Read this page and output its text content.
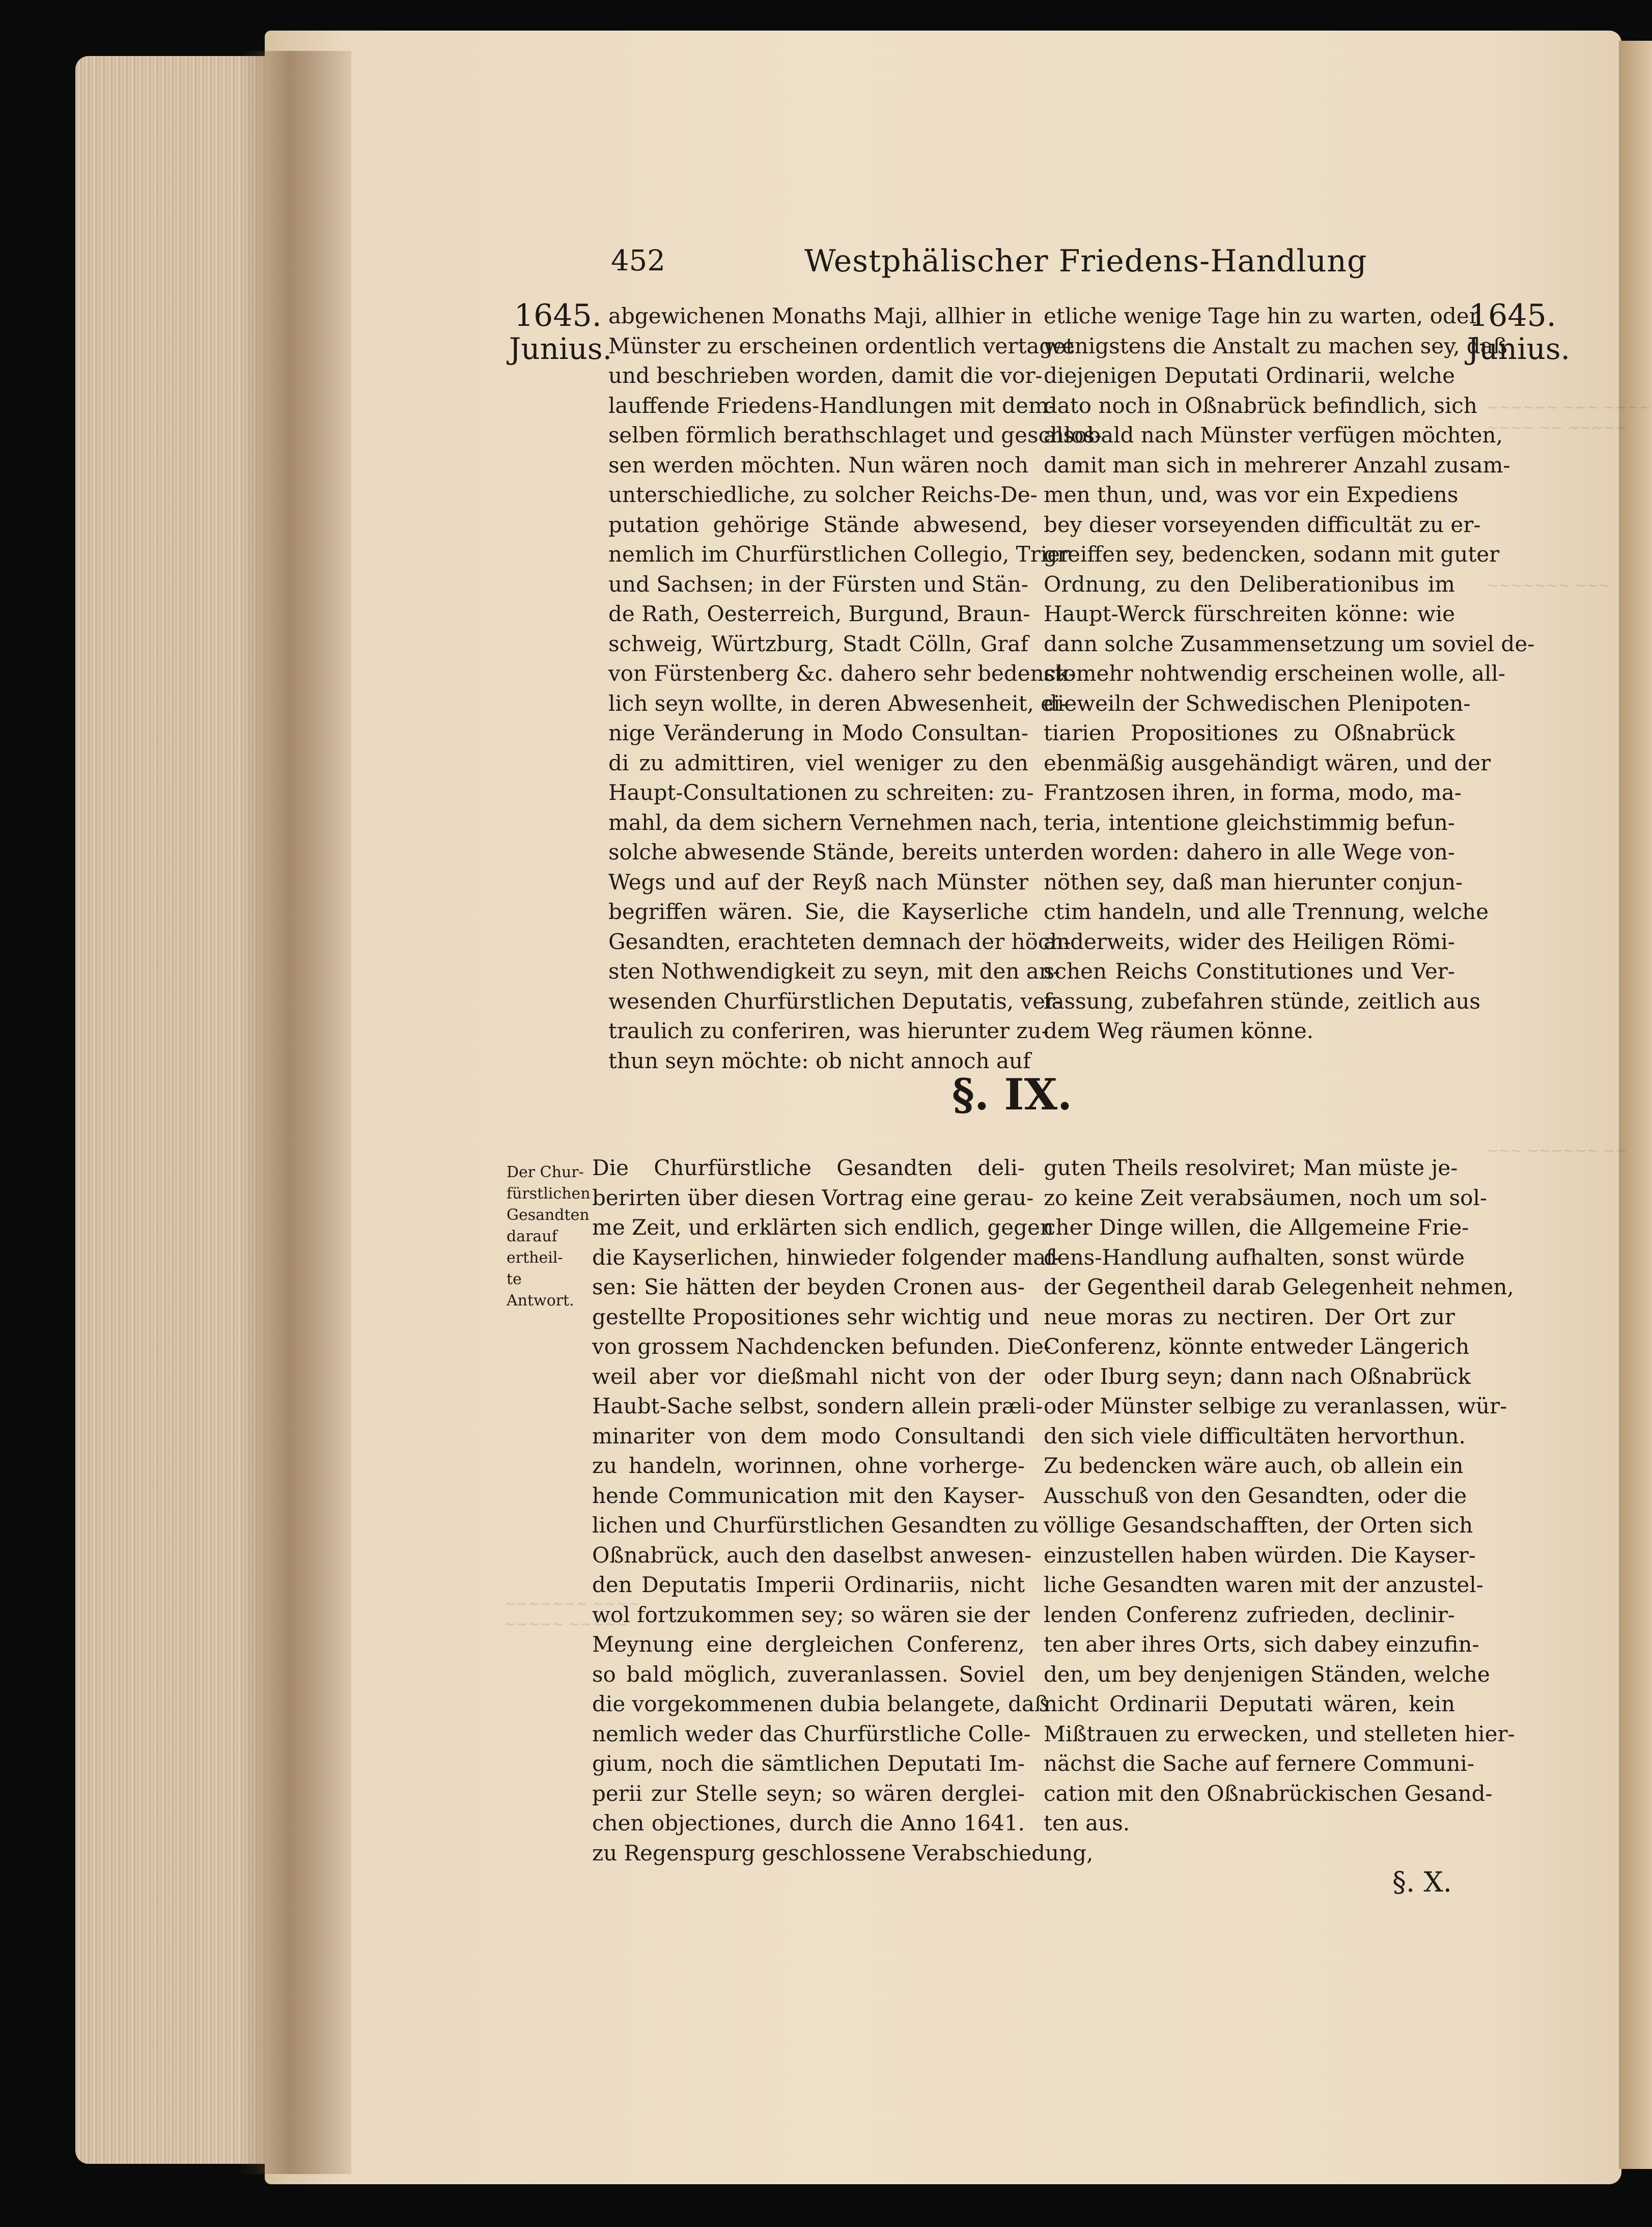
~~~~~~ ~~~ ~~~~
~~~~ ~~ ~~~~~
~~~~~~~ ~~~
~~~ ~~~~~~ ~~
~~~~~~~ ~~~~
~~~~~ ~~~~~
452	Westphälischer Friedens-Handlung
1645.
Junius.
1645.
Junius.
abgewichenen Monaths Maji, allhier in
Münster zu erscheinen ordentlich vertaget
und beschrieben worden, damit die vor-
lauffende Friedens-Handlungen mit dem-
selben förmlich berathschlaget und geschlos-
sen werden möchten. Nun wären noch
unterschiedliche, zu solcher Reichs-De-
putation gehörige Stände abwesend,
nemlich im Churfürstlichen Collegio, Trier
und Sachsen; in der Fürsten und Stän-
de Rath, Oesterreich, Burgund, Braun-
schweig, Würtzburg, Stadt Cölln, Graf
von Fürstenberg &c. dahero sehr bedenck-
lich seyn wollte, in deren Abwesenheit, ei-
nige Veränderung in Modo Consultan-
di zu admittiren, viel weniger zu den
Haupt-Consultationen zu schreiten: zu-
mahl, da dem sichern Vernehmen nach,
solche abwesende Stände, bereits unter
Wegs und auf der Reyß nach Münster
begriffen wären. Sie, die Kayserliche
Gesandten, erachteten demnach der höch-
sten Nothwendigkeit zu seyn, mit den an-
wesenden Churfürstlichen Deputatis, ver-
traulich zu conferiren, was hierunter zu-
thun seyn möchte: ob nicht annoch auf
etliche wenige Tage hin zu warten, oder
wenigstens die Anstalt zu machen sey, daß
diejenigen Deputati Ordinarii, welche
dato noch in Oßnabrück befindlich, sich
alsobald nach Münster verfügen möchten,
damit man sich in mehrerer Anzahl zusam-
men thun, und, was vor ein Expediens
bey dieser vorseyenden difficultät zu er-
greiffen sey, bedencken, sodann mit guter
Ordnung, zu den Deliberationibus im
Haupt-Werck fürschreiten könne: wie
dann solche Zusammensetzung um soviel de-
stomehr nohtwendig erscheinen wolle, all-
dieweiln der Schwedischen Plenipoten-
tiarien Propositiones zu Oßnabrück
ebenmäßig ausgehändigt wären, und der
Frantzosen ihren, in forma, modo, ma-
teria, intentione gleichstimmig befun-
den worden: dahero in alle Wege von-
nöthen sey, daß man hierunter conjun-
ctim handeln, und alle Trennung, welche
anderweits, wider des Heiligen Römi-
schen Reichs Constitutiones und Ver-
fassung, zubefahren stünde, zeitlich aus
dem Weg räumen könne.
§. IX.
Der Chur-
fürstlichen
Gesandten
darauf ertheil-
te Antwort.
Die Churfürstliche Gesandten deli-
berirten über diesen Vortrag eine gerau-
me Zeit, und erklärten sich endlich, gegen
die Kayserlichen, hinwieder folgender maf-
sen: Sie hätten der beyden Cronen aus-
gestellte Propositiones sehr wichtig und
von grossem Nachdencken befunden. Die-
weil aber vor dießmahl nicht von der
Haubt-Sache selbst, sondern allein præli-
minariter von dem modo Consultandi
zu handeln, worinnen, ohne vorherge-
hende Communication mit den Kayser-
lichen und Churfürstlichen Gesandten zu
Oßnabrück, auch den daselbst anwesen-
den Deputatis Imperii Ordinariis, nicht
wol fortzukommen sey; so wären sie der
Meynung eine dergleichen Conferenz,
so bald möglich, zuveranlassen. Soviel
die vorgekommenen dubia belangete, daß
nemlich weder das Churfürstliche Colle-
gium, noch die sämtlichen Deputati Im-
perii zur Stelle seyn; so wären derglei-
chen objectiones, durch die Anno 1641.
zu Regenspurg geschlossene Verabschiedung,
guten Theils resolviret; Man müste je-
zo keine Zeit verabsäumen, noch um sol-
cher Dinge willen, die Allgemeine Frie-
dens-Handlung aufhalten, sonst würde
der Gegentheil darab Gelegenheit nehmen,
neue moras zu nectiren. Der Ort zur
Conferenz, könnte entweder Längerich
oder Iburg seyn; dann nach Oßnabrück
oder Münster selbige zu veranlassen, wür-
den sich viele difficultäten hervorthun.
Zu bedencken wäre auch, ob allein ein
Ausschuß von den Gesandten, oder die
völlige Gesandschafften, der Orten sich
einzustellen haben würden. Die Kayser-
liche Gesandten waren mit der anzustel-
lenden Conferenz zufrieden, declinir-
ten aber ihres Orts, sich dabey einzufin-
den, um bey denjenigen Ständen, welche
nicht Ordinarii Deputati wären, kein
Mißtrauen zu erwecken, und stelleten hier-
nächst die Sache auf fernere Communi-
cation mit den Oßnabrückischen Gesand-
ten aus.
§. X.
